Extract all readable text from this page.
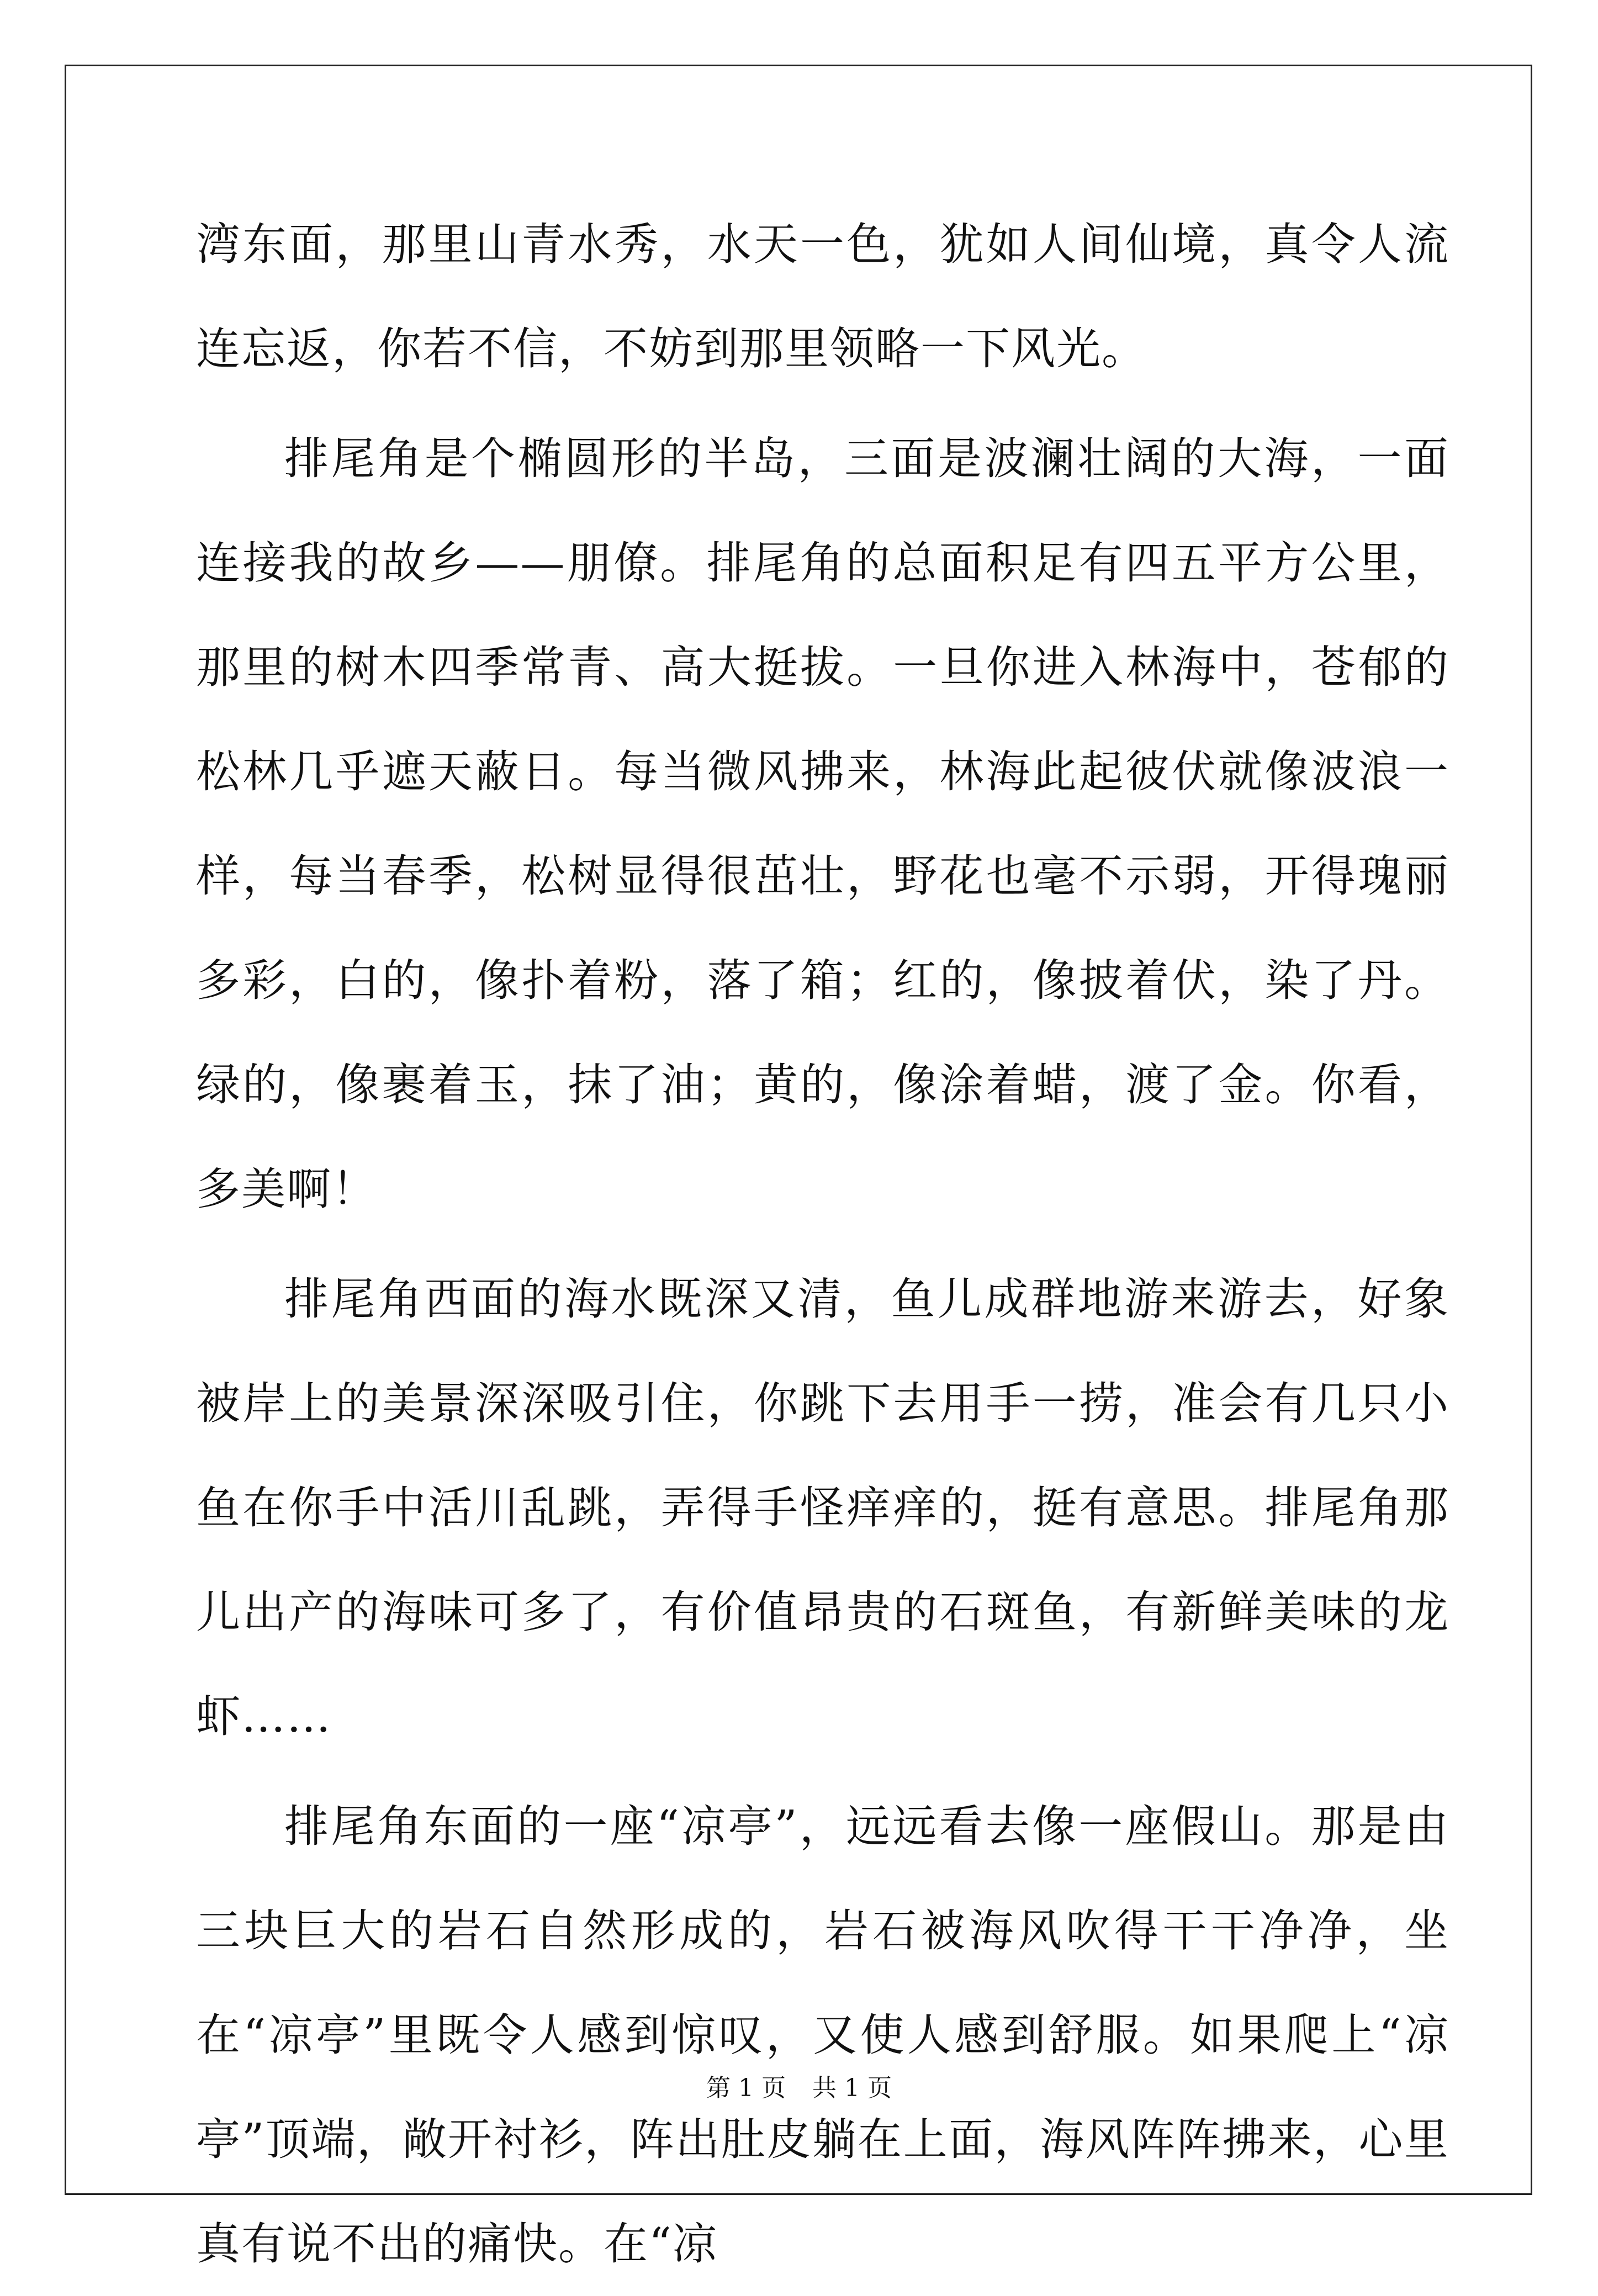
湾东面，那里山青水秀，水天一色，犹如人间仙境，真令人流连忘返，你若不信，不妨到那里领略一下风光。

排尾角是个椭圆形的半岛，三面是波澜壮阔的大海，一面连接我的故乡——朋僚。排尾角的总面积足有四五平方公里，那里的树木四季常青、高大挺拔。一旦你进入林海中，苍郁的松林几乎遮天蔽日。每当微风拂来，林海此起彼伏就像波浪一样，每当春季，松树显得很茁壮，野花也毫不示弱，开得瑰丽多彩，白的，像扑着粉，落了箱；红的，像披着伏，染了丹。绿的，像裹着玉，抹了油；黄的，像涂着蜡，渡了金。你看，多美啊！

排尾角西面的海水既深又清，鱼儿成群地游来游去，好象被岸上的美景深深吸引住，你跳下去用手一捞，准会有几只小鱼在你手中活川乱跳，弄得手怪痒痒的，挺有意思。排尾角那儿出产的海味可多了，有价值昂贵的石斑鱼，有新鲜美味的龙虾……

排尾角东面的一座“凉亭”，远远看去像一座假山。那是由三块巨大的岩石自然形成的，岩石被海风吹得干干净净，坐在“凉亭”里既令人感到惊叹，又使人感到舒服。如果爬上“凉亭”顶端，敞开衬衫，阵出肚皮躺在上面，海风阵阵拂来，心里真有说不出的痛快。在“凉

第 1 页 共 1 页
